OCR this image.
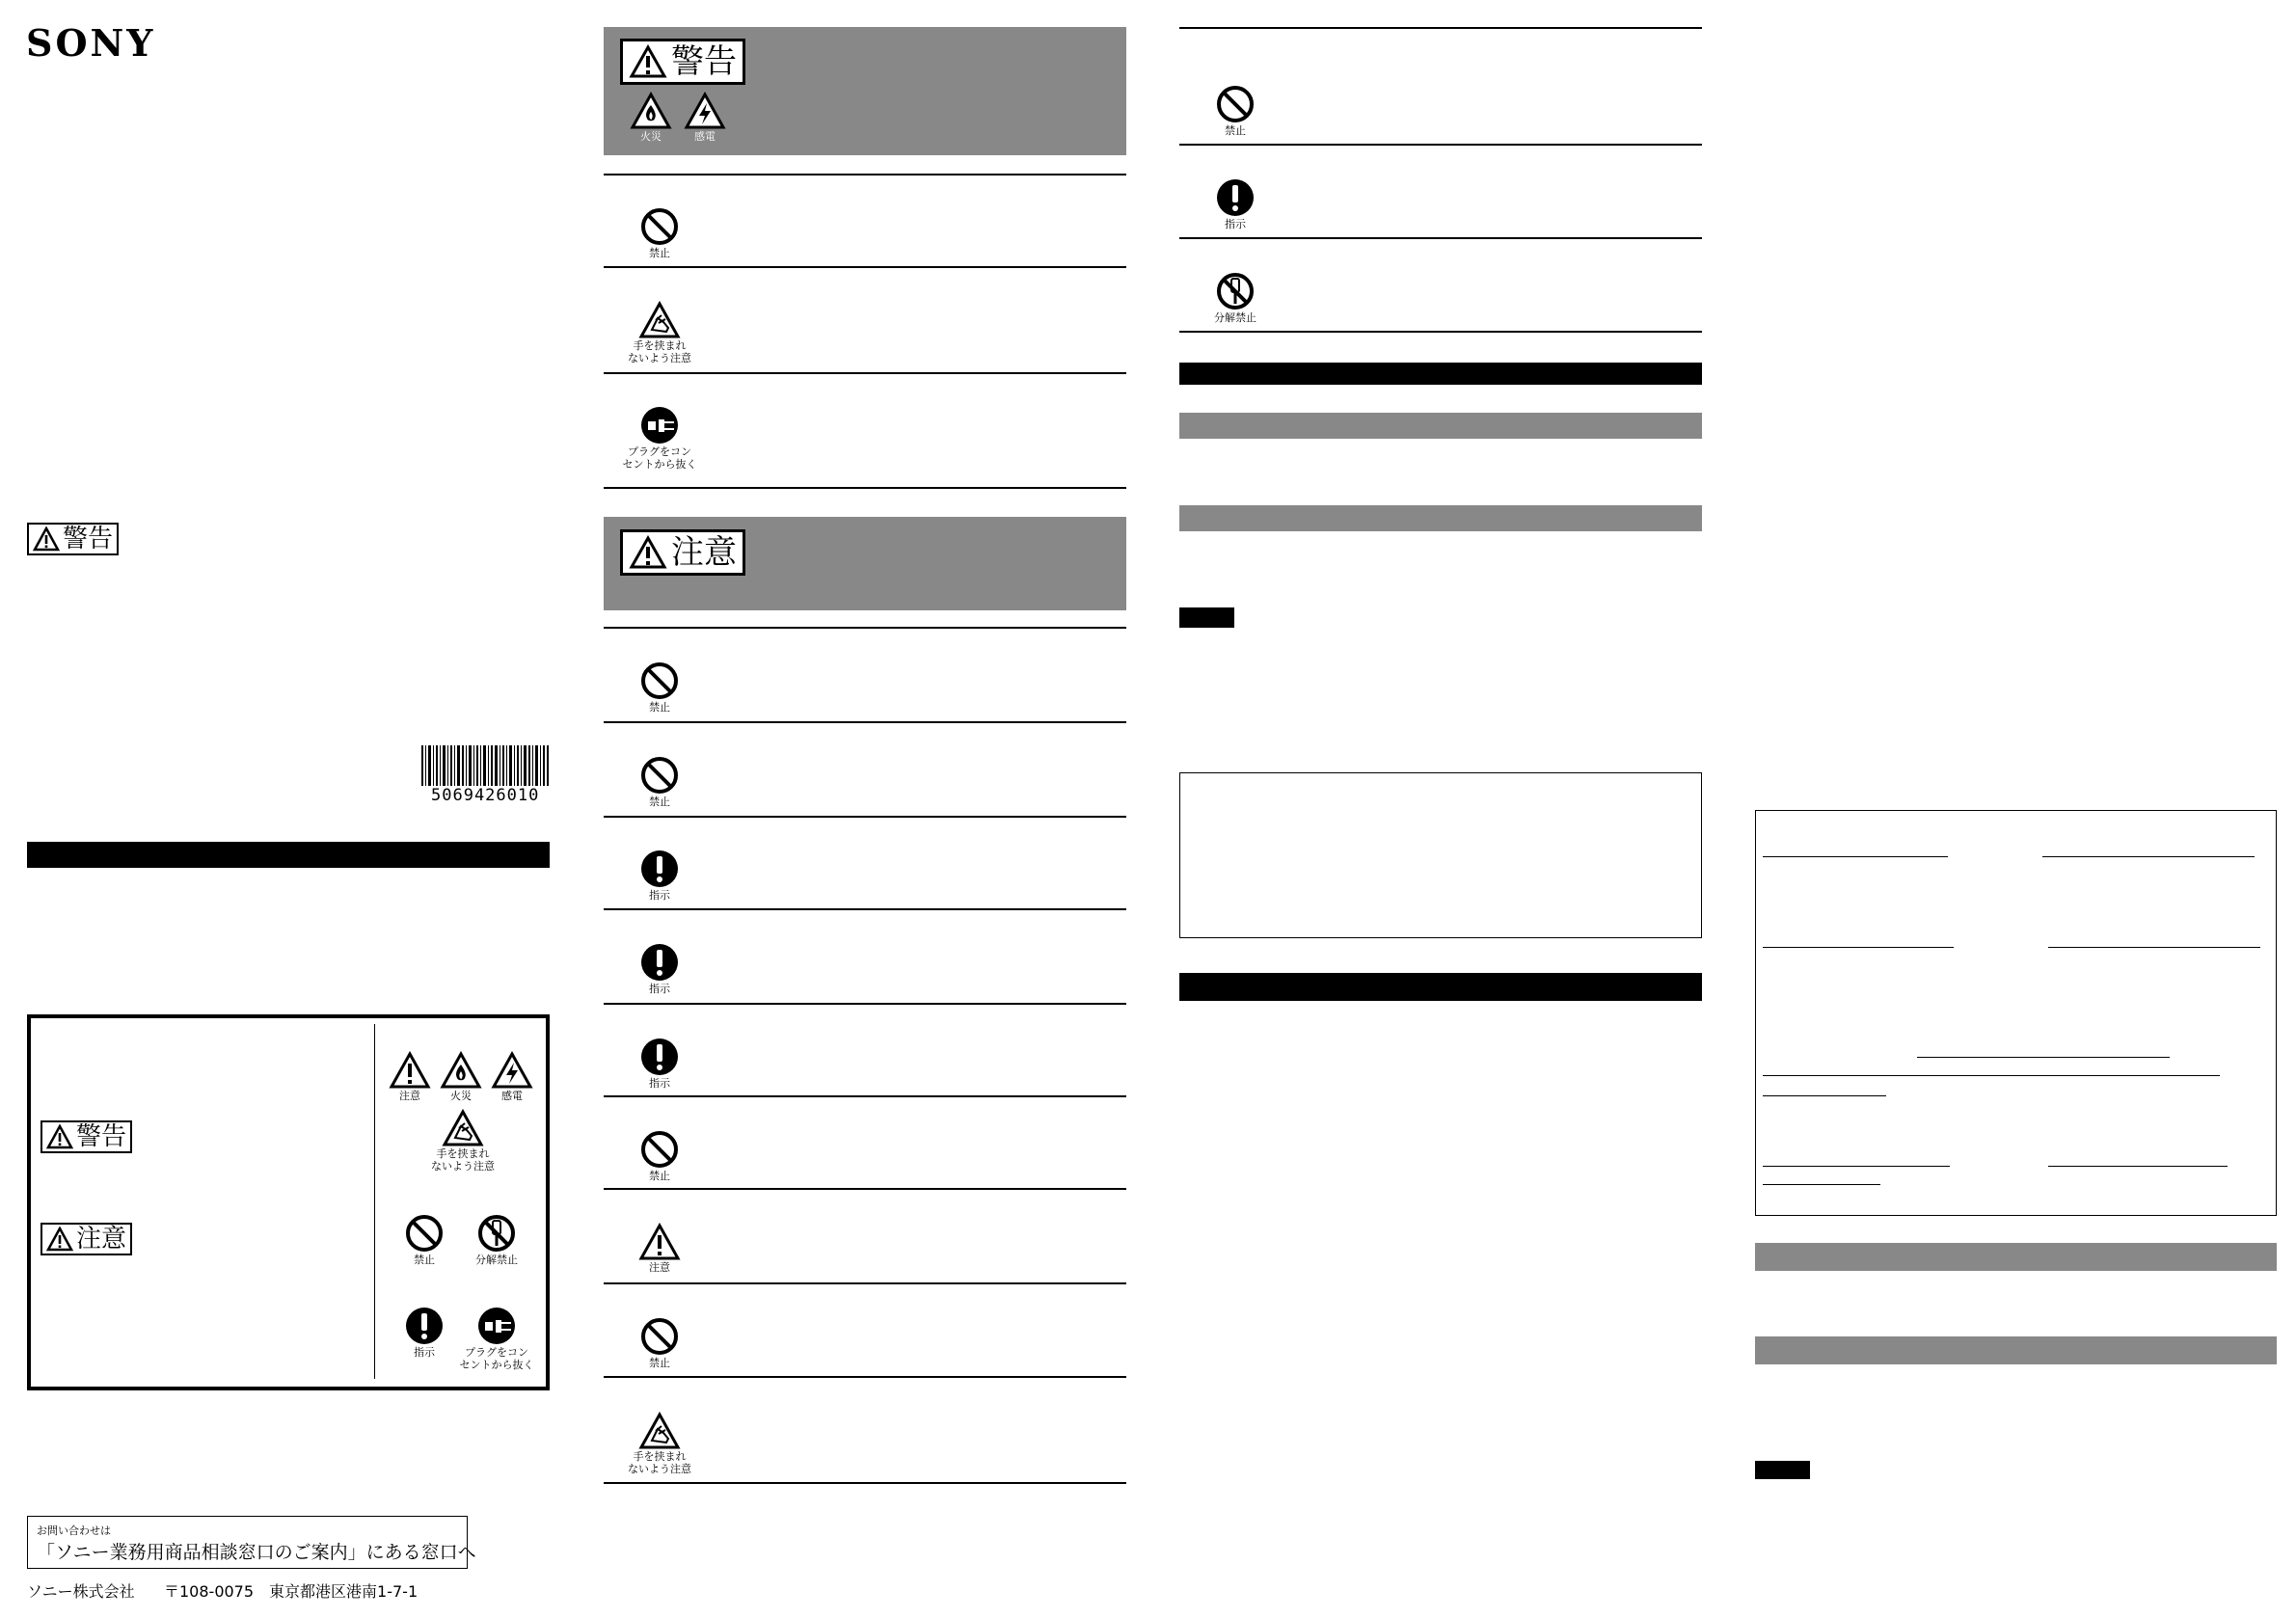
SONY
警告
5069426010
警告
注意
注意	火災	感電
手を挟まれ
ないよう注意
禁止	分解禁止
指示	プラグをコン
セントから抜く
お問い合わせは
「ソニー業務用商品相談窓口のご案内」にある窓口へ
ソニー株式会社 〒108-0075　東京都港区港南1-7-1
警告
火災	感電
禁止
手を挟まれ
ないよう注意
プラグをコン
セントから抜く
注意
禁止
禁止
指示
指示
指示
禁止
注意
禁止
手を挟まれ
ないよう注意
禁止
指示
分解禁止
